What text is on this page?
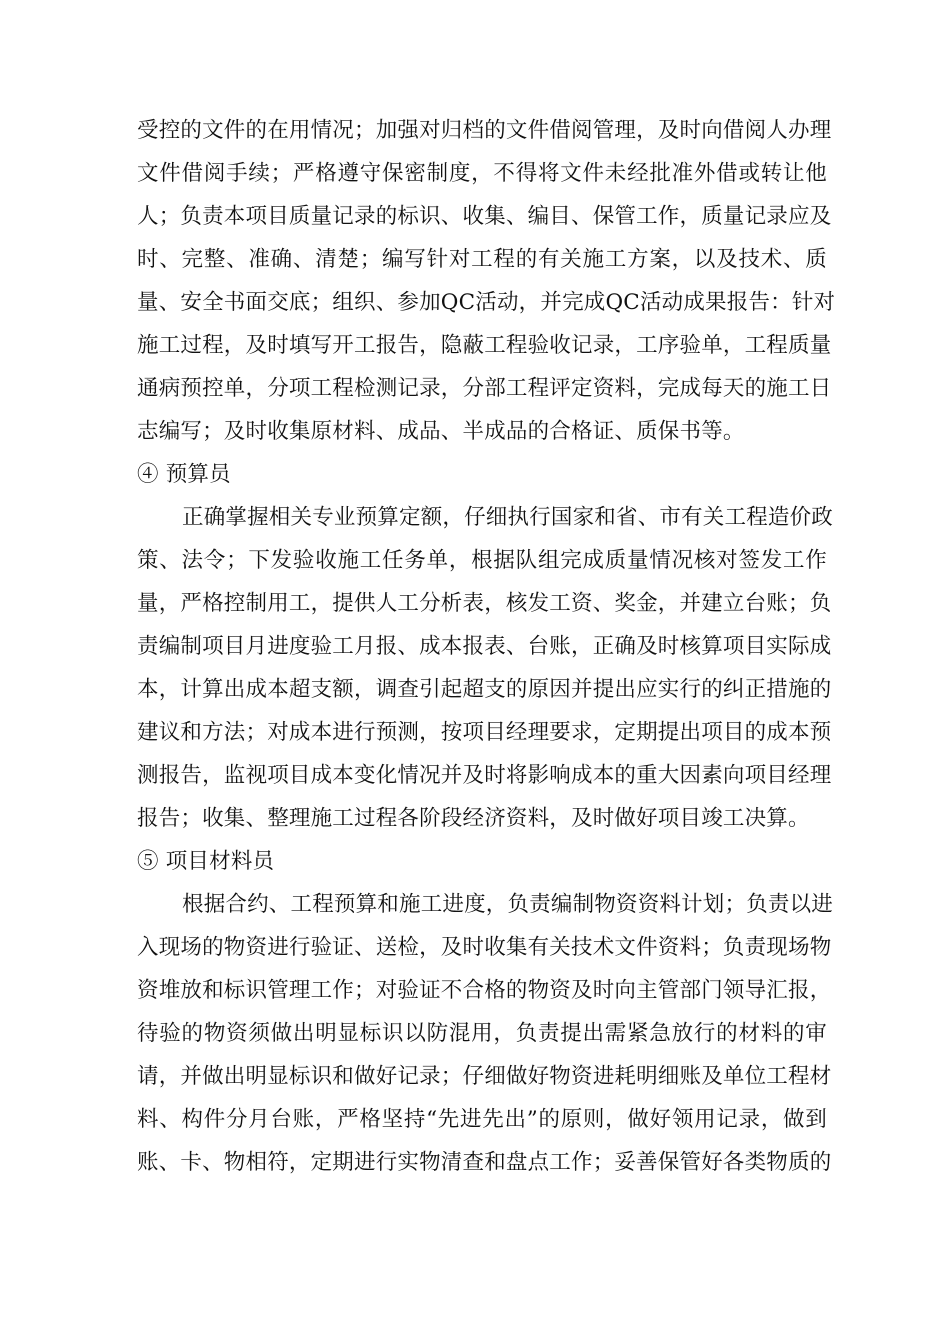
受控的文件的在用情况；加强对归档的文件借阅管理，及时向借阅人办理
文件借阅手续；严格遵守保密制度，不得将文件未经批准外借或转让他
人；负责本项目质量记录的标识、收集、编目、保管工作，质量记录应及
时、完整、准确、清楚；编写针对工程的有关施工方案，以及技术、质
量、安全书面交底；组织、参加QC活动，并完成QC活动成果报告：针对
施工过程，及时填写开工报告，隐蔽工程验收记录，工序验单，工程质量
通病预控单，分项工程检测记录，分部工程评定资料，完成每天的施工日
志编写；及时收集原材料、成品、半成品的合格证、质保书等。
④ 预算员
正确掌握相关专业预算定额，仔细执行国家和省、市有关工程造价政
策、法令；下发验收施工任务单，根据队组完成质量情况核对签发工作
量，严格控制用工，提供人工分析表，核发工资、奖金，并建立台账；负
责编制项目月进度验工月报、成本报表、台账，正确及时核算项目实际成
本，计算出成本超支额，调查引起超支的原因并提出应实行的纠正措施的
建议和方法；对成本进行预测，按项目经理要求，定期提出项目的成本预
测报告，监视项目成本变化情况并及时将影响成本的重大因素向项目经理
报告；收集、整理施工过程各阶段经济资料，及时做好项目竣工决算。
⑤ 项目材料员
根据合约、工程预算和施工进度，负责编制物资资料计划；负责以进
入现场的物资进行验证、送检，及时收集有关技术文件资料；负责现场物
资堆放和标识管理工作；对验证不合格的物资及时向主管部门领导汇报，
待验的物资须做出明显标识以防混用，负责提出需紧急放行的材料的审
请，并做出明显标识和做好记录；仔细做好物资进耗明细账及单位工程材
料、构件分月台账，严格坚持“先进先出”的原则，做好领用记录，做到
账、卡、物相符，定期进行实物清查和盘点工作；妥善保管好各类物质的
